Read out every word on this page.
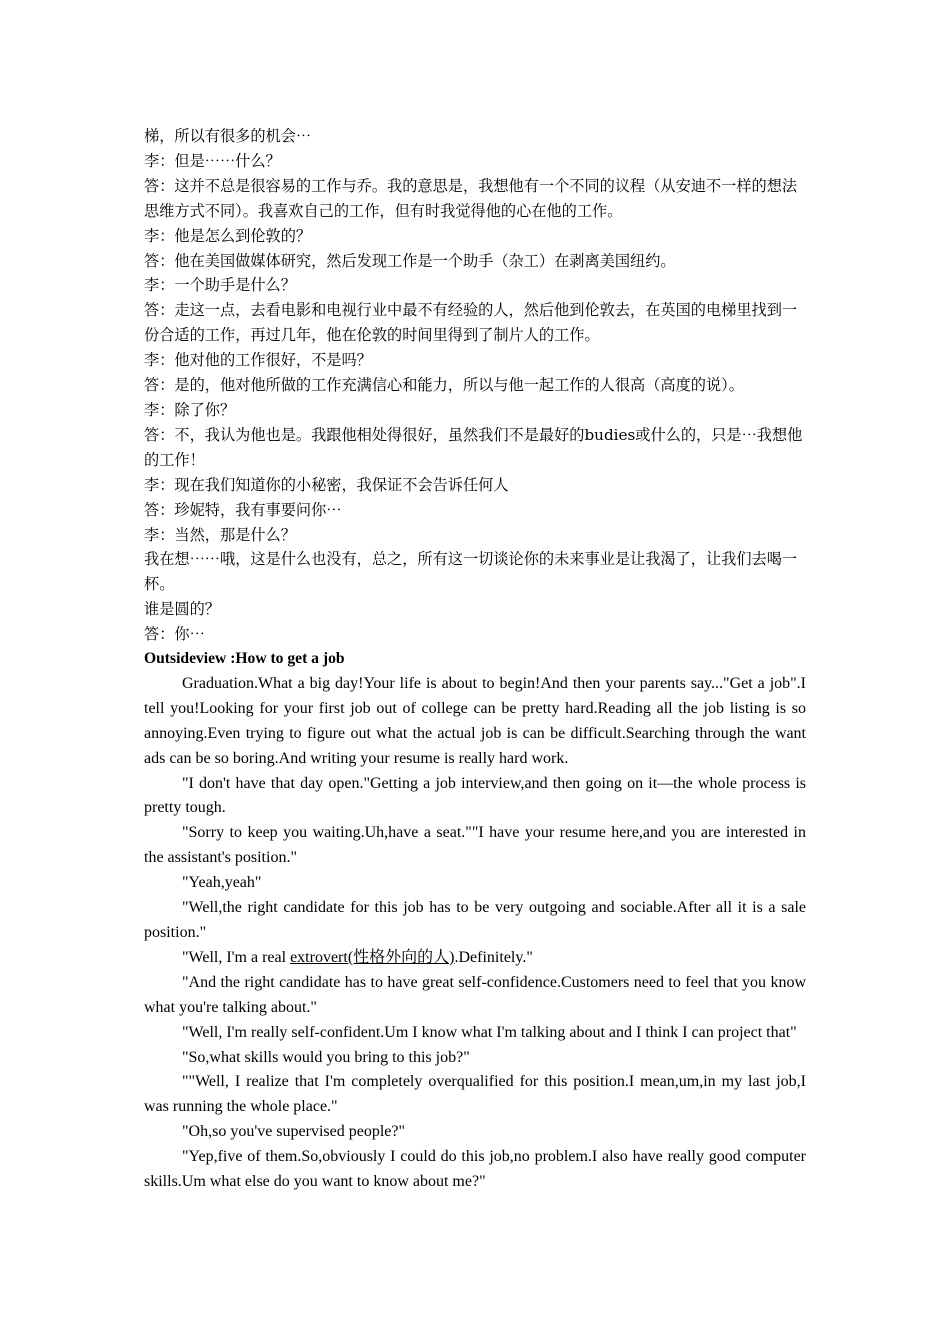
梯，所以有很多的机会⋯

李：但是⋯⋯什么？

答：这并不总是很容易的工作与乔。我的意思是，我想他有一个不同的议程（从安迪不一样的想法思维方式不同）。我喜欢自己的工作，但有时我觉得他的心在他的工作。

李：他是怎么到伦敦的？

答：他在美国做媒体研究，然后发现工作是一个助手（杂工）在剥离美国纽约。

李：一个助手是什么？

答：走这一点，去看电影和电视行业中最不有经验的人，然后他到伦敦去，在英国的电梯里找到一份合适的工作，再过几年，他在伦敦的时间里得到了制片人的工作。

李：他对他的工作很好，不是吗？

答：是的，他对他所做的工作充满信心和能力，所以与他一起工作的人很高（高度的说）。

李：除了你？

答：不，我认为他也是。我跟他相处得很好，虽然我们不是最好的budies或什么的，只是⋯我想他的工作！

李：现在我们知道你的小秘密，我保证不会告诉任何人

答：珍妮特，我有事要问你⋯

李：当然，那是什么？

我在想⋯⋯哦，这是什么也没有，总之，所有这一切谈论你的未来事业是让我渴了，让我们去喝一杯。

谁是圆的？

答：你⋯

Outsideview :How to get a job

Graduation.What a big day!Your life is about to begin!And then your parents say..."Get a job".I tell you!Looking for your first job out of college can be pretty hard.Reading all the job listing is so annoying.Even trying to figure out what the actual job is can be difficult.Searching through the want ads can be so boring.And writing your resume is really hard work.

"I don't have that day open."Getting a job interview,and then going on it—the whole process is pretty tough.

"Sorry to keep you waiting.Uh,have a seat.""I have your resume here,and you are interested in the assistant's position."

"Yeah,yeah"

"Well,the right candidate for this job has to be very outgoing and sociable.After all it is a sale position."

"Well, I'm a real extrovert(性格外向的人).Definitely."

"And the right candidate has to have great self-confidence.Customers need to feel that you know what you're talking about."

"Well, I'm really self-confident.Um I know what I'm talking about and I think I can project that"

"So,what skills would you bring to this job?"

""Well, I realize that I'm completely overqualified for this position.I mean,um,in my last job,I was running the whole place."

"Oh,so you've supervised people?"

"Yep,five of them.So,obviously I could do this job,no problem.I also have really good computer skills.Um what else do you want to know about me?"
